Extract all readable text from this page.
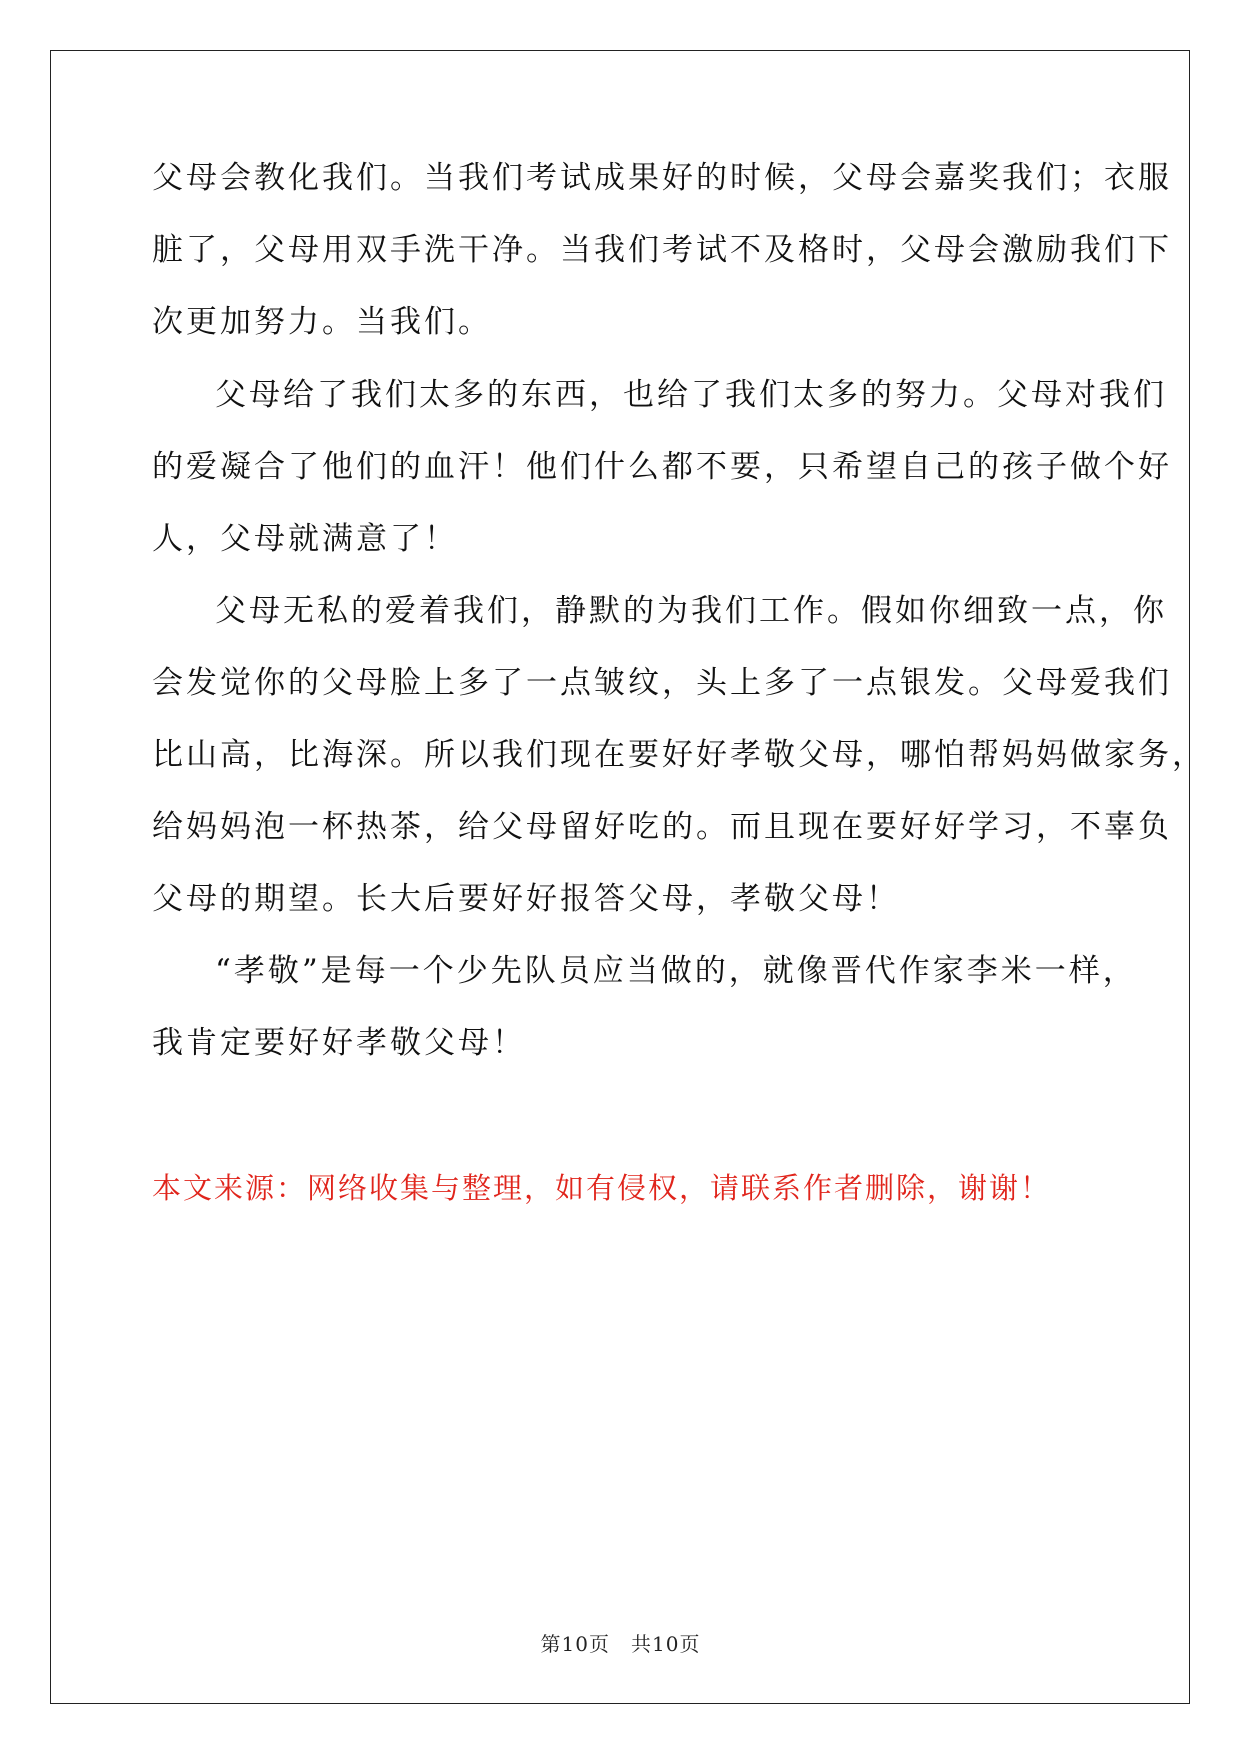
父母会教化我们。当我们考试成果好的时候，父母会嘉奖我们；衣服
脏了，父母用双手洗干净。当我们考试不及格时，父母会激励我们下
次更加努力。当我们。
父母给了我们太多的东西，也给了我们太多的努力。父母对我们
的爱凝合了他们的血汗！他们什么都不要，只希望自己的孩子做个好
人，父母就满意了！
父母无私的爱着我们，静默的为我们工作。假如你细致一点，你
会发觉你的父母脸上多了一点皱纹，头上多了一点银发。父母爱我们
比山高，比海深。所以我们现在要好好孝敬父母，哪怕帮妈妈做家务，
给妈妈泡一杯热茶，给父母留好吃的。而且现在要好好学习，不辜负
父母的期望。长大后要好好报答父母，孝敬父母！
“孝敬”是每一个少先队员应当做的，就像晋代作家李米一样，
我肯定要好好孝敬父母！
本文来源：网络收集与整理，如有侵权，请联系作者删除，谢谢！
第10页　共10页
